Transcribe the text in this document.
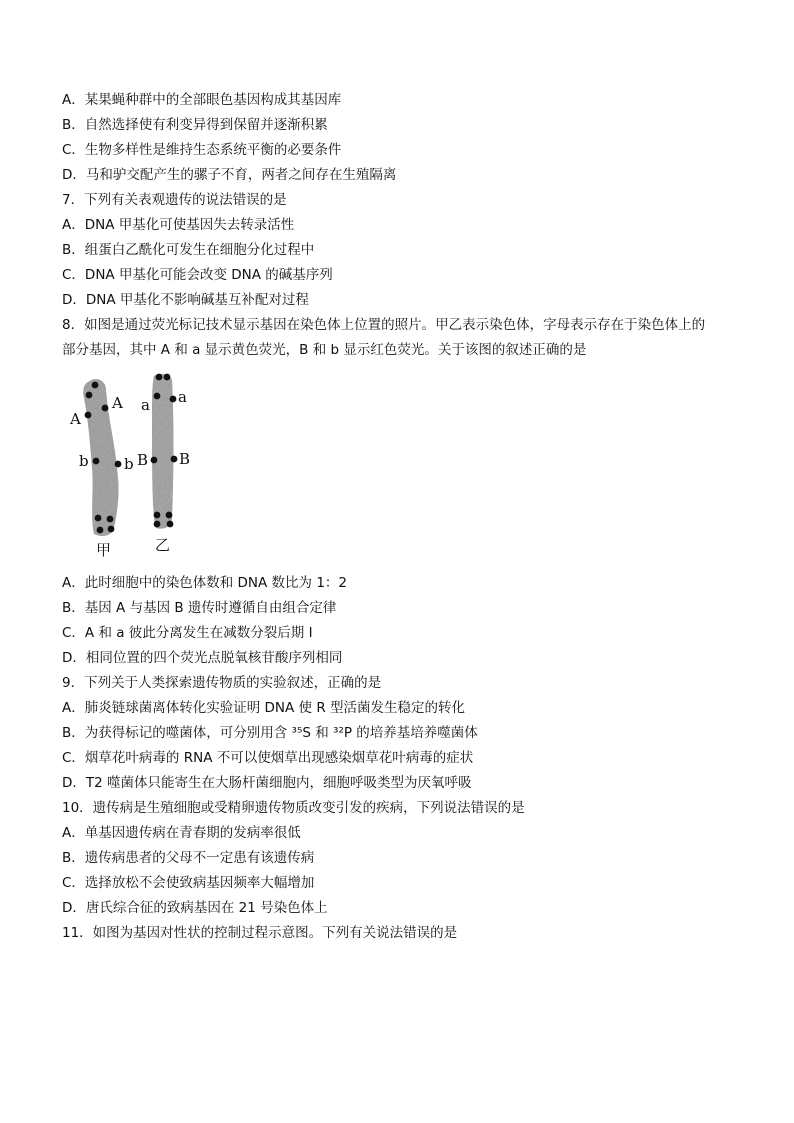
A．某果蝇种群中的全部眼色基因构成其基因库
B．自然选择使有利变异得到保留并逐渐积累
C．生物多样性是维持生态系统平衡的必要条件
D．马和驴交配产生的骡子不育，两者之间存在生殖隔离
7．下列有关表观遗传的说法错误的是
A．DNA 甲基化可使基因失去转录活性
B．组蛋白乙酰化可发生在细胞分化过程中
C．DNA 甲基化可能会改变 DNA 的碱基序列
D．DNA 甲基化不影响碱基互补配对过程
8．如图是通过荧光标记技术显示基因在染色体上位置的照片。甲乙表示染色体，字母表示存在于染色体上的
部分基因，其中 A 和 a 显示黄色荧光，B 和 b 显示红色荧光。关于该图的叙述正确的是
A
A
b b
a a
B B
甲	乙
A．此时细胞中的染色体数和 DNA 数比为 1：2
B．基因 A 与基因 B 遗传时遵循自由组合定律
C．A 和 a 彼此分离发生在减数分裂后期 I
D．相同位置的四个荧光点脱氧核苷酸序列相同
9．下列关于人类探索遗传物质的实验叙述，正确的是
A．肺炎链球菌离体转化实验证明 DNA 使 R 型活菌发生稳定的转化
B．为获得标记的噬菌体，可分别用含 ³⁵S 和 ³²P 的培养基培养噬菌体
C．烟草花叶病毒的 RNA 不可以使烟草出现感染烟草花叶病毒的症状
D．T2 噬菌体只能寄生在大肠杆菌细胞内，细胞呼吸类型为厌氧呼吸
10．遗传病是生殖细胞或受精卵遗传物质改变引发的疾病，下列说法错误的是
A．单基因遗传病在青春期的发病率很低
B．遗传病患者的父母不一定患有该遗传病
C．选择放松不会使致病基因频率大幅增加
D．唐氏综合征的致病基因在 21 号染色体上
11．如图为基因对性状的控制过程示意图。下列有关说法错误的是
